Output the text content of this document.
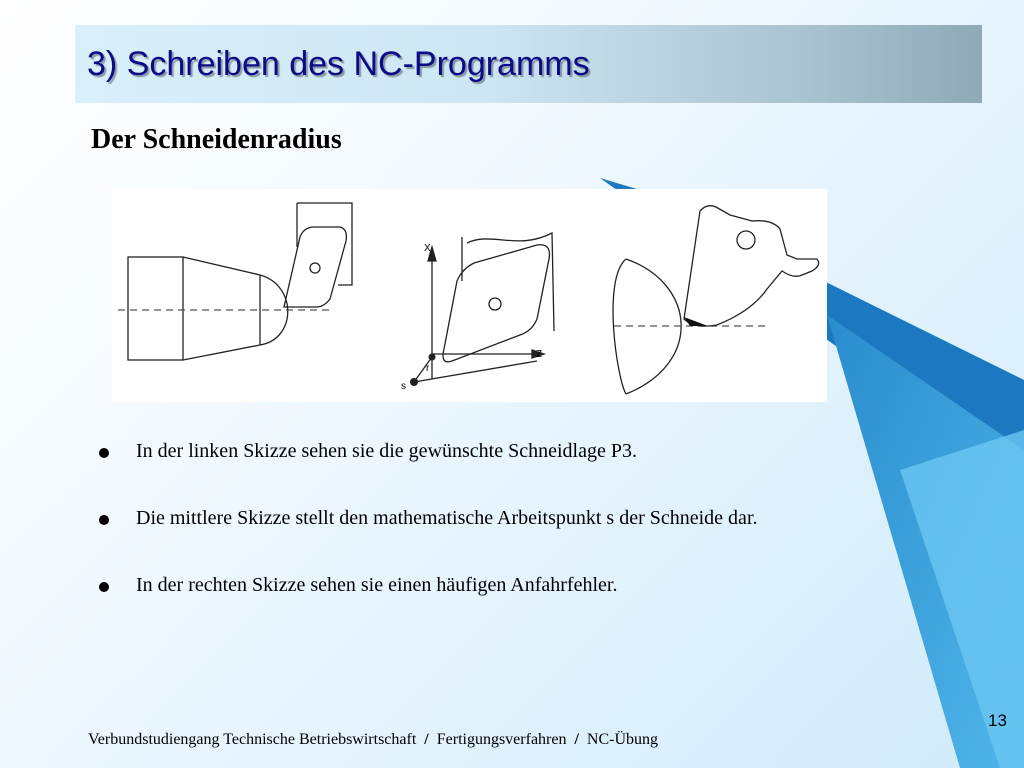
3) Schreiben des NC-Programms
Der Schneidenradius
X
Z
r
s
In der linken Skizze sehen sie die gewünschte Schneidlage P3.
Die mittlere Skizze stellt den mathematische Arbeitspunkt s der Schneide dar.
In der rechten Skizze sehen sie einen häufigen Anfahrfehler.
Verbundstudiengang Technische Betriebswirtschaft / Fertigungsverfahren / NC-Übung
13
